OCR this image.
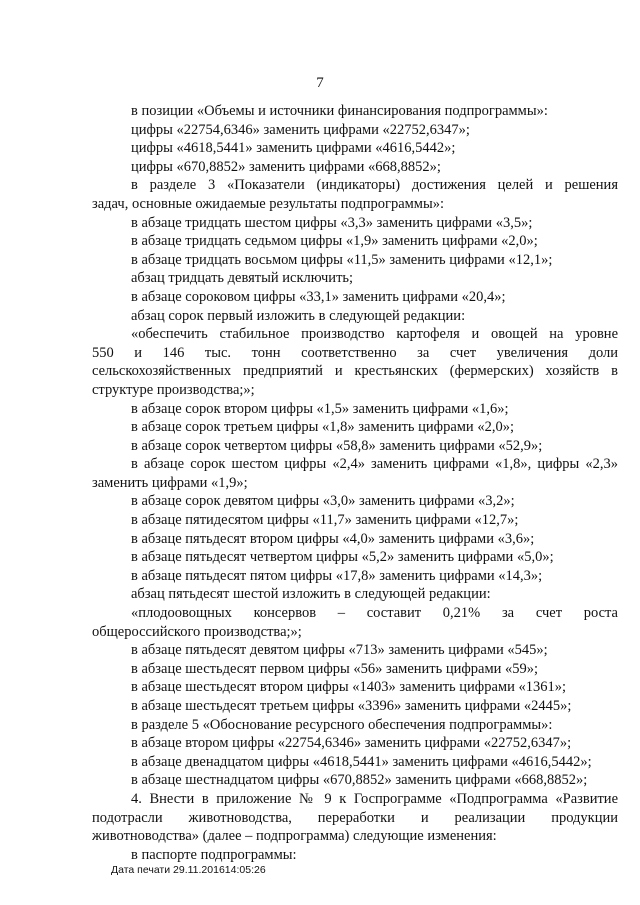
7
в позиции «Объемы и источники финансирования подпрограммы»:
цифры «22754,6346» заменить цифрами «22752,6347»;
цифры «4618,5441» заменить цифрами «4616,5442»;
цифры «670,8852» заменить цифрами «668,8852»;
в разделе 3 «Показатели (индикаторы) достижения целей и решения
задач, основные ожидаемые результаты подпрограммы»:
в абзаце тридцать шестом цифры «3,3» заменить цифрами «3,5»;
в абзаце тридцать седьмом цифры «1,9» заменить цифрами «2,0»;
в абзаце тридцать восьмом цифры «11,5» заменить цифрами «12,1»;
абзац тридцать девятый исключить;
в абзаце сороковом цифры «33,1» заменить цифрами «20,4»;
абзац сорок первый изложить в следующей редакции:
«обеспечить стабильное производство картофеля и овощей на уровне
550 и 146 тыс. тонн соответственно за счет увеличения доли
сельскохозяйственных предприятий и крестьянских (фермерских) хозяйств в
структуре производства;»;
в абзаце сорок втором цифры «1,5» заменить цифрами «1,6»;
в абзаце сорок третьем цифры «1,8» заменить цифрами «2,0»;
в абзаце сорок четвертом цифры «58,8» заменить цифрами «52,9»;
в абзаце сорок шестом цифры «2,4» заменить цифрами «1,8», цифры «2,3»
заменить цифрами «1,9»;
в абзаце сорок девятом цифры «3,0» заменить цифрами «3,2»;
в абзаце пятидесятом цифры «11,7» заменить цифрами «12,7»;
в абзаце пятьдесят втором цифры «4,0» заменить цифрами «3,6»;
в абзаце пятьдесят четвертом цифры «5,2» заменить цифрами «5,0»;
в абзаце пятьдесят пятом цифры «17,8» заменить цифрами «14,3»;
абзац пятьдесят шестой изложить в следующей редакции:
«плодоовощных консервов – составит 0,21% за счет роста
общероссийского производства;»;
в абзаце пятьдесят девятом цифры «713» заменить цифрами «545»;
в абзаце шестьдесят первом цифры «56» заменить цифрами «59»;
в абзаце шестьдесят втором цифры «1403» заменить цифрами «1361»;
в абзаце шестьдесят третьем цифры «3396» заменить цифрами «2445»;
в разделе 5 «Обоснование ресурсного обеспечения подпрограммы»:
в абзаце втором цифры «22754,6346» заменить цифрами «22752,6347»;
в абзаце двенадцатом цифры «4618,5441» заменить цифрами «4616,5442»;
в абзаце шестнадцатом цифры «670,8852» заменить цифрами «668,8852»;
4. Внести в приложение № 9 к Госпрограмме «Подпрограмма «Развитие
подотрасли животноводства, переработки и реализации продукции
животноводства» (далее – подпрограмма) следующие изменения:
в паспорте подпрограммы:
Дата печати 29.11.201614:05:26
